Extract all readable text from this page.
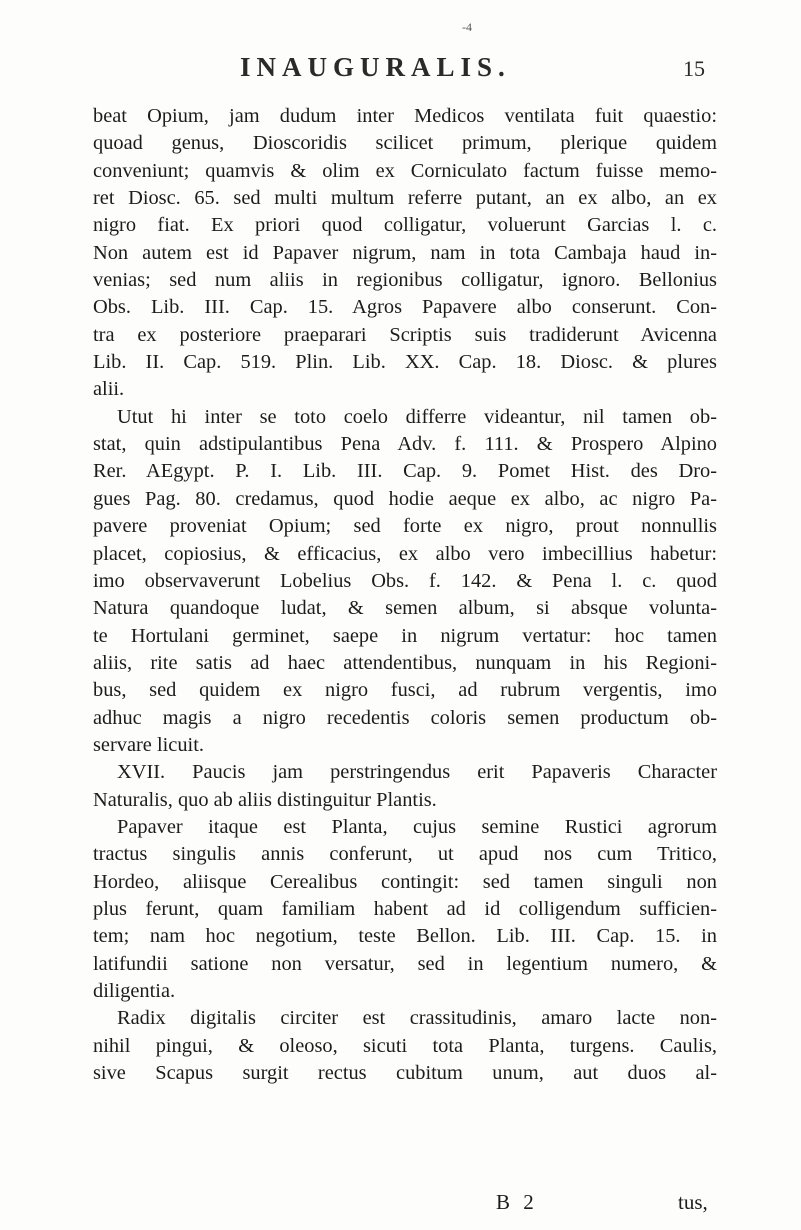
-4
INAUGURALIS.	15

beat Opium, jam dudum inter Medicos ventilata fuit quaestio:

quoad genus, Dioscoridis scilicet primum, plerique quidem

conveniunt; quamvis & olim ex Corniculato factum fuisse memo-

ret Diosc. 65. sed multi multum referre putant, an ex albo, an ex

nigro fiat. Ex priori quod colligatur, voluerunt Garcias l. c.

Non autem est id Papaver nigrum, nam in tota Cambaja haud in-

venias; sed num aliis in regionibus colligatur, ignoro. Bellonius

Obs. Lib. III. Cap. 15. Agros Papavere albo conserunt. Con-

tra ex posteriore praeparari Scriptis suis tradiderunt Avicenna

Lib. II. Cap. 519. Plin. Lib. XX. Cap. 18. Diosc. & plures

alii.

Utut hi inter se toto coelo differre videantur, nil tamen ob-

stat, quin adstipulantibus Pena Adv. f. 111. & Prospero Alpino

Rer. AEgypt. P. I. Lib. III. Cap. 9. Pomet Hist. des Dro-

gues Pag. 80. credamus, quod hodie aeque ex albo, ac nigro Pa-

pavere proveniat Opium; sed forte ex nigro, prout nonnullis

placet, copiosius, & efficacius, ex albo vero imbecillius habetur:

imo observaverunt Lobelius Obs. f. 142. & Pena l. c. quod

Natura quandoque ludat, & semen album, si absque volunta-

te Hortulani germinet, saepe in nigrum vertatur: hoc tamen

aliis, rite satis ad haec attendentibus, nunquam in his Regioni-

bus, sed quidem ex nigro fusci, ad rubrum vergentis, imo

adhuc magis a nigro recedentis coloris semen productum ob-

servare licuit.

XVII. Paucis jam perstringendus erit Papaveris Character

Naturalis, quo ab aliis distinguitur Plantis.

Papaver itaque est Planta, cujus semine Rustici agrorum

tractus singulis annis conferunt, ut apud nos cum Tritico,

Hordeo, aliisque Cerealibus contingit: sed tamen singuli non

plus ferunt, quam familiam habent ad id colligendum sufficien-

tem; nam hoc negotium, teste Bellon. Lib. III. Cap. 15. in

latifundii satione non versatur, sed in legentium numero, &

diligentia.

Radix digitalis circiter est crassitudinis, amaro lacte non-

nihil pingui, & oleoso, sicuti tota Planta, turgens. Caulis,

sive Scapus surgit rectus cubitum unum, aut duos al-

B 2	tus,
